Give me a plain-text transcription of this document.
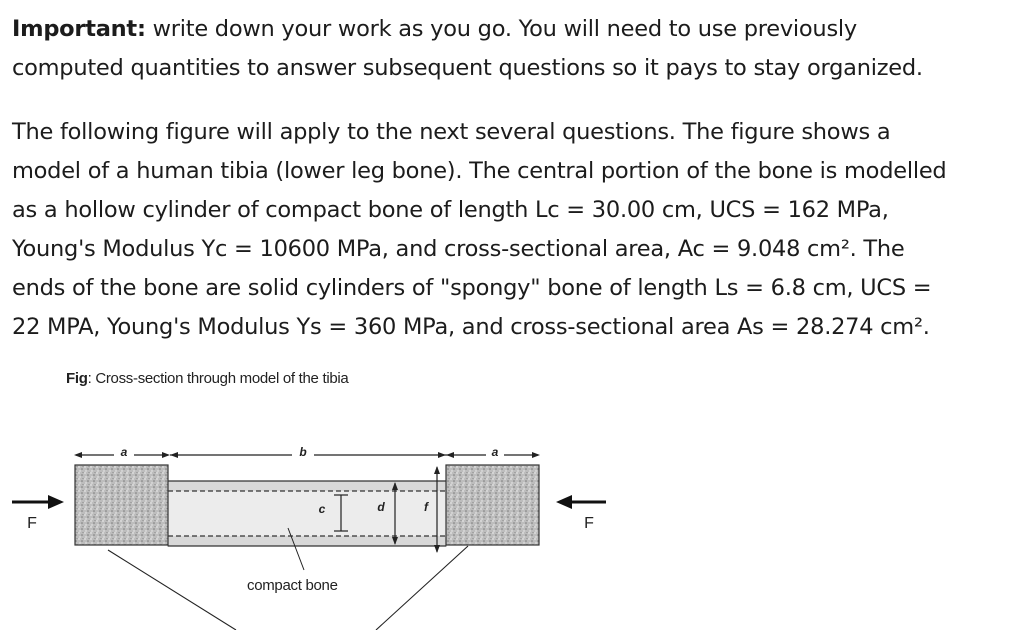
Important: write down your work as you go. You will need to use previously
computed quantities to answer subsequent questions so it pays to stay organized.

The following figure will apply to the next several questions. The figure shows a
model of a human tibia (lower leg bone). The central portion of the bone is modelled
as a hollow cylinder of compact bone of length Lc = 30.00 cm, UCS = 162 MPa,
Young's Modulus Yc = 10600 MPa, and cross-sectional area, Ac = 9.048 cm². The
ends of the bone are solid cylinders of "spongy" bone of length Ls = 6.8 cm, UCS =
22 MPA, Young's Modulus Ys = 360 MPa, and cross-sectional area As = 28.274 cm².

Fig: Cross-section through model of the tibia
a	b	a
c	d	f
F	F
compact bone
